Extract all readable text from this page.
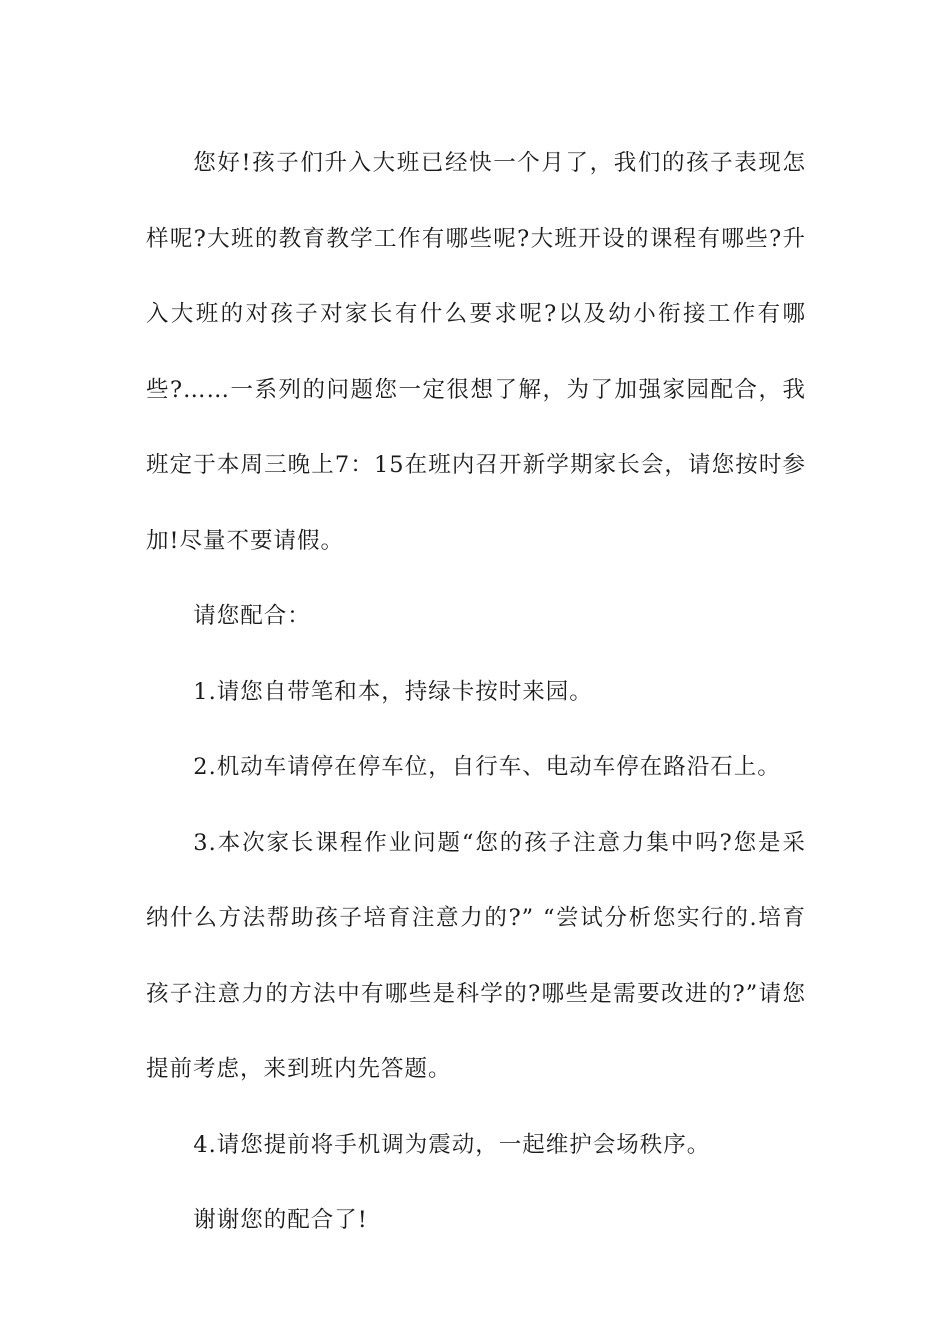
您好!孩子们升入大班已经快一个月了，我们的孩子表现怎样呢?大班的教育教学工作有哪些呢?大班开设的课程有哪些?升入大班的对孩子对家长有什么要求呢?以及幼小衔接工作有哪些?……一系列的问题您一定很想了解，为了加强家园配合，我班定于本周三晚上7：15在班内召开新学期家长会，请您按时参加!尽量不要请假。

请您配合：

1.请您自带笔和本，持绿卡按时来园。

2.机动车请停在停车位，自行车、电动车停在路沿石上。

3.本次家长课程作业问题“您的孩子注意力集中吗?您是采纳什么方法帮助孩子培育注意力的?” “尝试分析您实行的.培育孩子注意力的方法中有哪些是科学的?哪些是需要改进的?”请您提前考虑，来到班内先答题。

4.请您提前将手机调为震动，一起维护会场秩序。

谢谢您的配合了!
